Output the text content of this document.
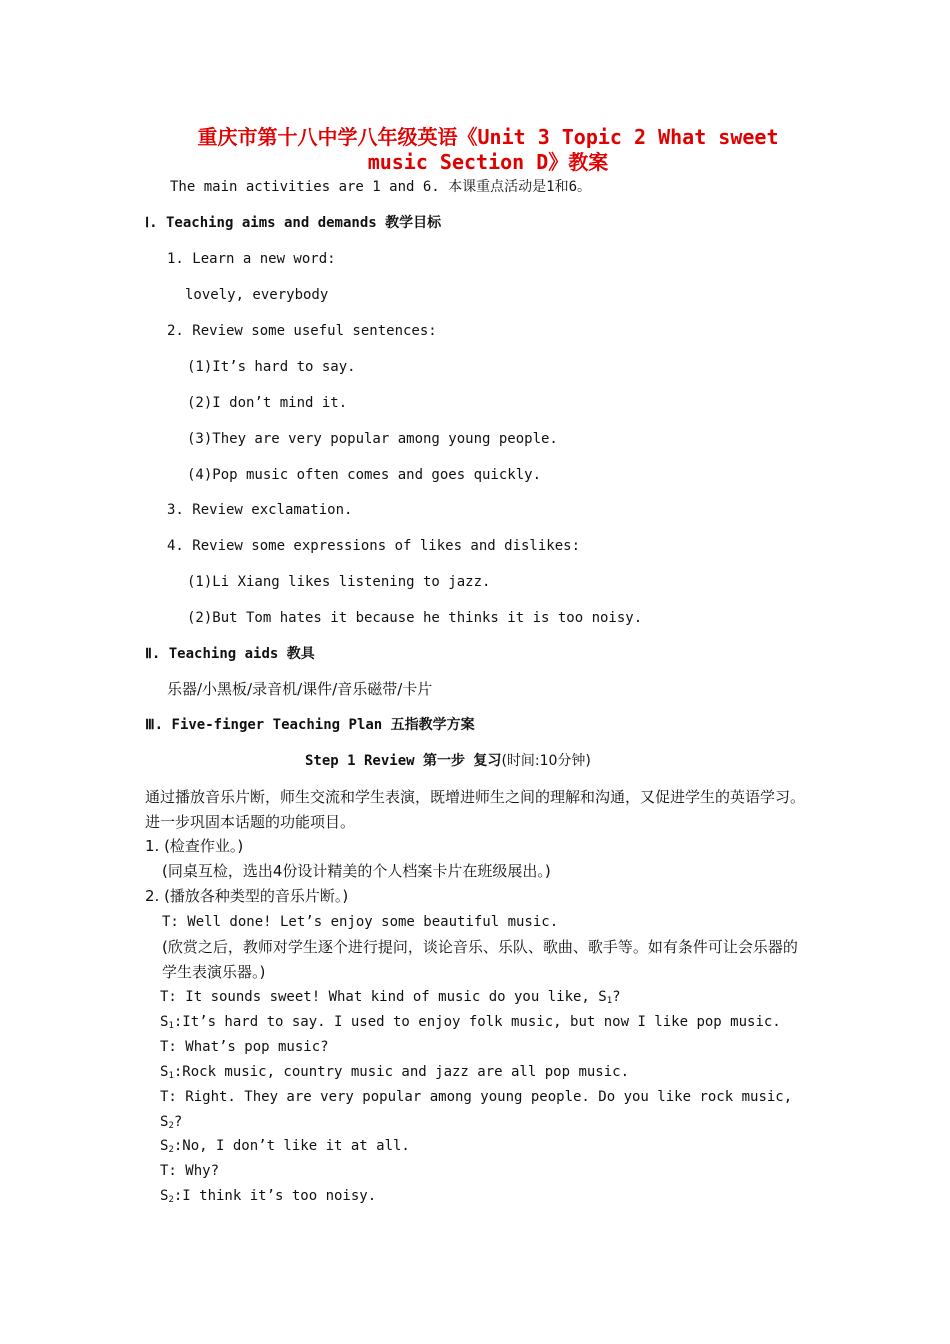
重庆市第十八中学八年级英语《Unit 3 Topic 2 What sweet
music Section D》教案
The main activities are 1 and 6. 本课重点活动是1和6。
Ⅰ. Teaching aims and demands 教学目标
1. Learn a new word:
lovely, everybody
2. Review some useful sentences:
(1)It’s hard to say.
(2)I don’t mind it.
(3)They are very popular among young people.
(4)Pop music often comes and goes quickly.
3. Review exclamation.
4. Review some expressions of likes and dislikes:
(1)Li Xiang likes listening to jazz.
(2)But Tom hates it because he thinks it is too noisy.
Ⅱ. Teaching aids 教具
乐器/小黑板/录音机/课件/音乐磁带/卡片
Ⅲ. Five-finger Teaching Plan 五指教学方案
Step 1 Review 第一步 复习(时间:10分钟)
通过播放音乐片断，师生交流和学生表演，既增进师生之间的理解和沟通，又促进学生的英语学习。进一步巩固本话题的功能项目。
1. (检查作业。)
(同桌互检，选出4份设计精美的个人档案卡片在班级展出。)
2. (播放各种类型的音乐片断。)
T: Well done! Let’s enjoy some beautiful music.
(欣赏之后，教师对学生逐个进行提问，谈论音乐、乐队、歌曲、歌手等。如有条件可让会乐器的学生表演乐器。)
T: It sounds sweet! What kind of music do you like, $S_1$?
$S_1:It’s$ hard to say. I used to enjoy folk music, but now I like pop music.
T: What’s pop music?
$S_1:Rock$ music, country music and jazz are all pop music.
T: Right. They are very popular among young people. Do you like rock music,
$S_2$?
$S_2:No$, I don’t like it at all.
T: Why?
$S_2:I$ think it’s too noisy.
